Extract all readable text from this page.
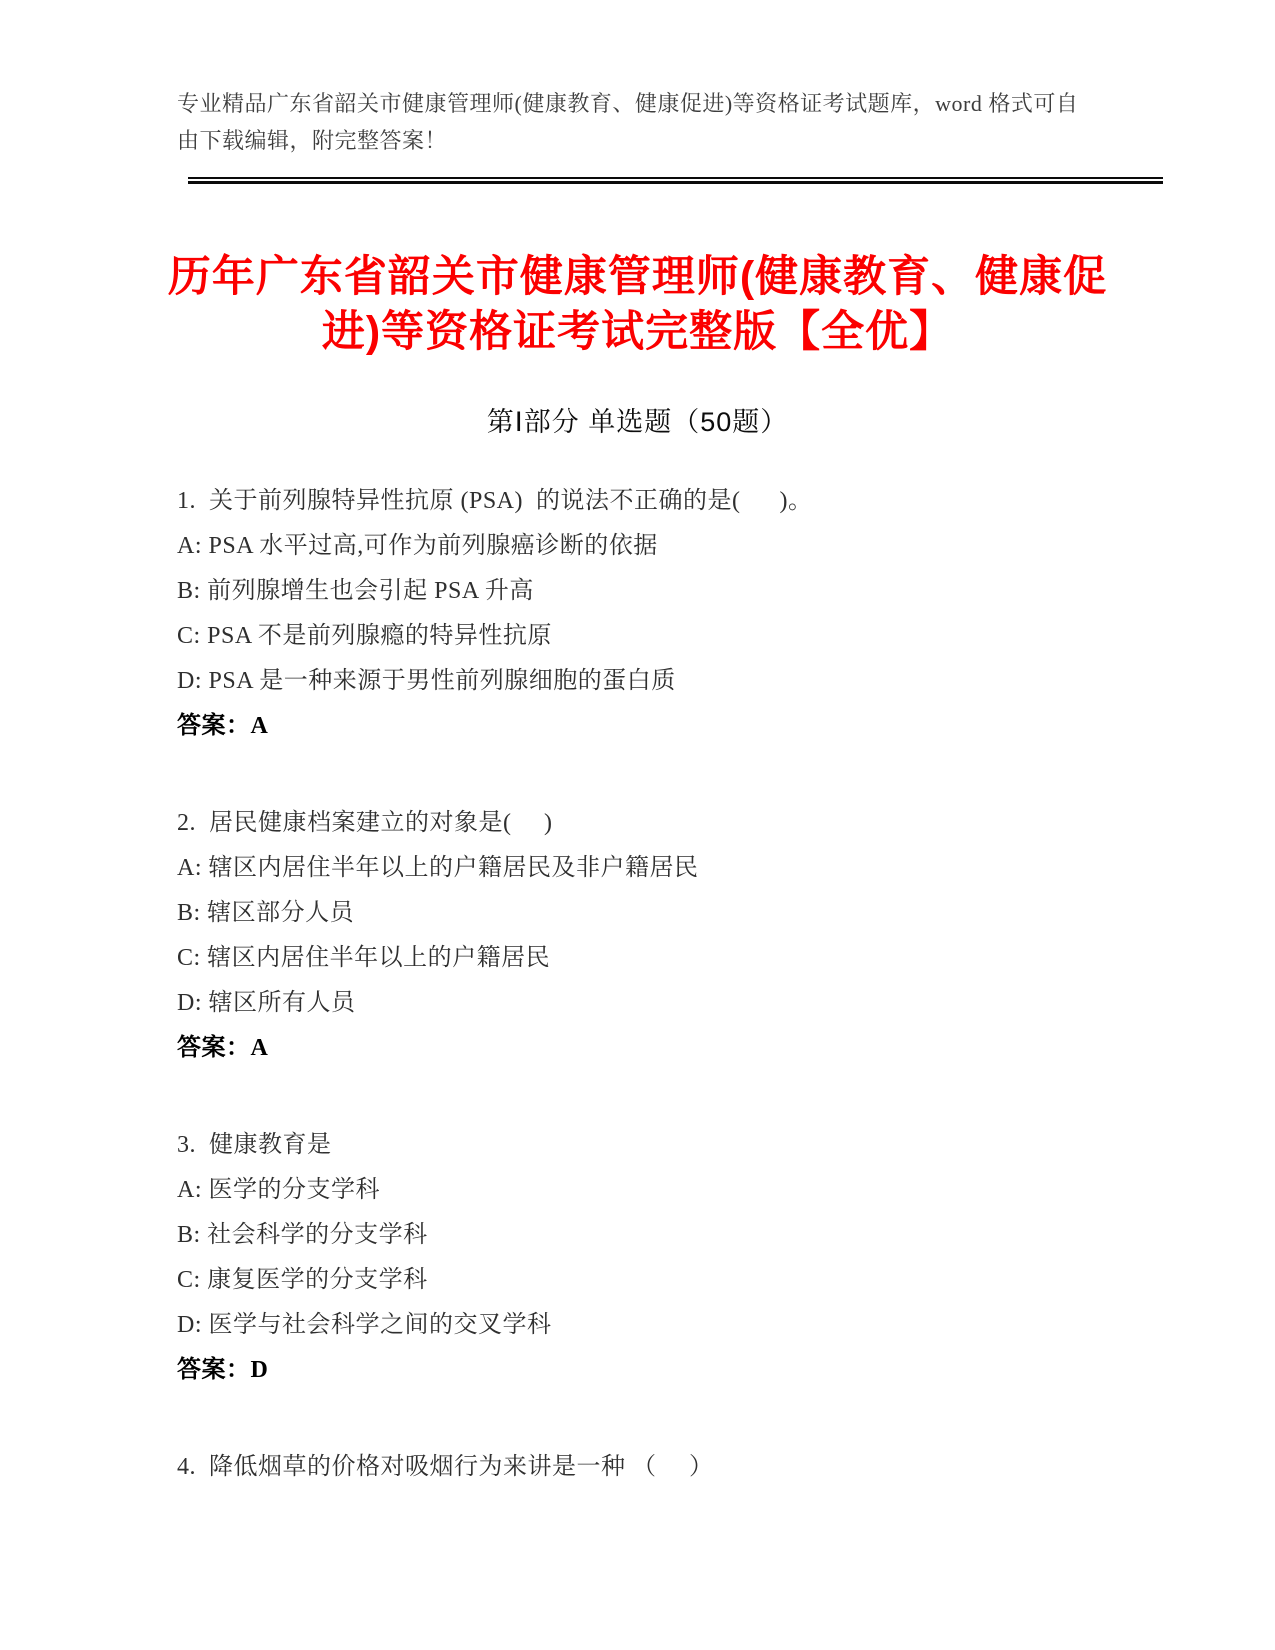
专业精品广东省韶关市健康管理师(健康教育、健康促进)等资格证考试题库，word 格式可自由下载编辑，附完整答案！

历年广东省韶关市健康管理师(健康教育、健康促进)等资格证考试完整版【全优】
第Ⅰ部分 单选题（50题）

1.  关于前列腺特异性抗原 (PSA)  的说法不正确的是(      )。

A: PSA 水平过高,可作为前列腺癌诊断的依据

B: 前列腺增生也会引起 PSA 升高

C: PSA 不是前列腺瘾的特异性抗原

D: PSA 是一种来源于男性前列腺细胞的蛋白质

答案：A

2.  居民健康档案建立的对象是(     )

A: 辖区内居住半年以上的户籍居民及非户籍居民

B: 辖区部分人员

C: 辖区内居住半年以上的户籍居民

D: 辖区所有人员

答案：A

3.  健康教育是

A: 医学的分支学科

B: 社会科学的分支学科

C: 康复医学的分支学科

D: 医学与社会科学之间的交叉学科

答案：D

4.  降低烟草的价格对吸烟行为来讲是一种 （     ）
